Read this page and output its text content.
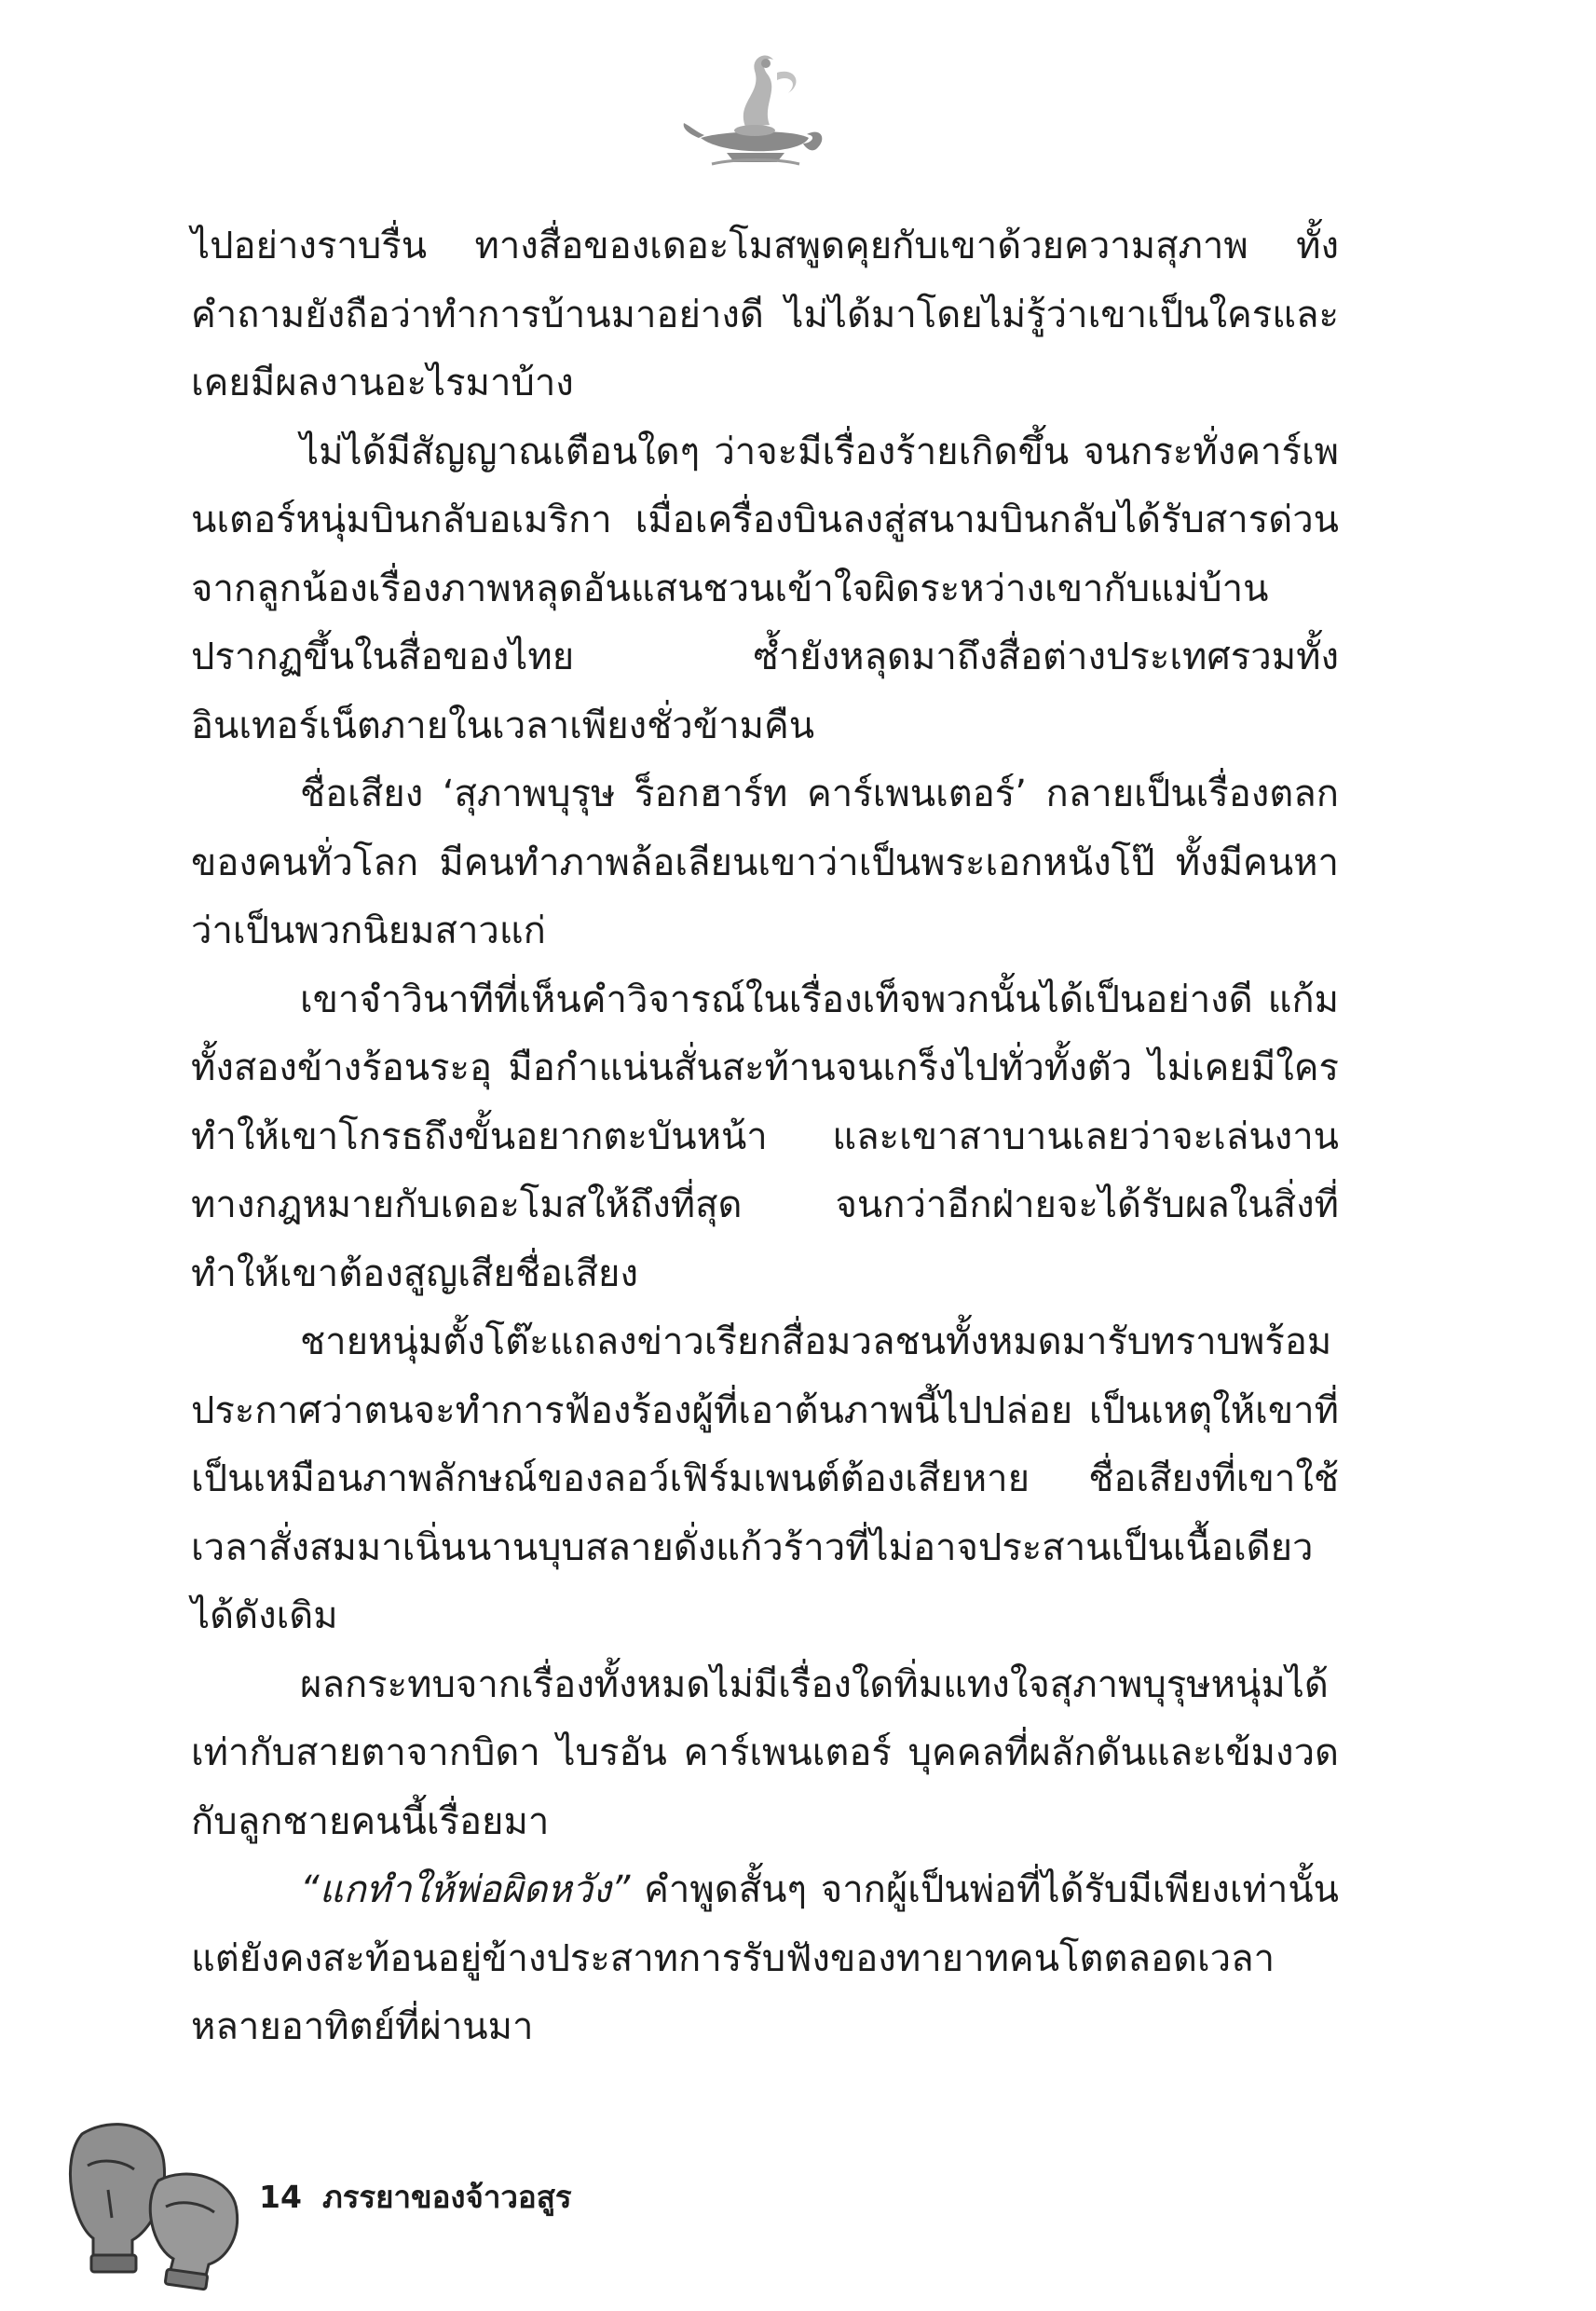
ไปอย่างราบรื่น ทางสื่อของเดอะโมสพูดคุยกับเขาด้วยความสุภาพ ทั้งคำถามยังถือว่าทำการบ้านมาอย่างดี ไม่ได้มาโดยไม่รู้ว่าเขาเป็นใครและเคยมีผลงานอะไรมาบ้าง

ไม่ได้มีสัญญาณเตือนใดๆ ว่าจะมีเรื่องร้ายเกิดขึ้น จนกระทั่งคาร์เพนเตอร์หนุ่มบินกลับอเมริกา เมื่อเครื่องบินลงสู่สนามบินกลับได้รับสารด่วนจากลูกน้องเรื่องภาพหลุดอันแสนชวนเข้าใจผิดระหว่างเขากับแม่บ้านปรากฏขึ้นในสื่อของไทย ซ้ำยังหลุดมาถึงสื่อต่างประเทศรวมทั้งอินเทอร์เน็ตภายในเวลาเพียงชั่วข้ามคืน

ชื่อเสียง ‘สุภาพบุรุษ ร็อกฮาร์ท คาร์เพนเตอร์’ กลายเป็นเรื่องตลกของคนทั่วโลก มีคนทำภาพล้อเลียนเขาว่าเป็นพระเอกหนังโป๊ ทั้งมีคนหาว่าเป็นพวกนิยมสาวแก่

เขาจำวินาทีที่เห็นคำวิจารณ์ในเรื่องเท็จพวกนั้นได้เป็นอย่างดี แก้มทั้งสองข้างร้อนระอุ มือกำแน่นสั่นสะท้านจนเกร็งไปทั่วทั้งตัว ไม่เคยมีใครทำให้เขาโกรธถึงขั้นอยากตะบันหน้า และเขาสาบานเลยว่าจะเล่นงานทางกฎหมายกับเดอะโมสให้ถึงที่สุด จนกว่าอีกฝ่ายจะได้รับผลในสิ่งที่ทำให้เขาต้องสูญเสียชื่อเสียง

ชายหนุ่มตั้งโต๊ะแถลงข่าวเรียกสื่อมวลชนทั้งหมดมารับทราบพร้อมประกาศว่าตนจะทำการฟ้องร้องผู้ที่เอาต้นภาพนี้ไปปล่อย เป็นเหตุให้เขาที่เป็นเหมือนภาพลักษณ์ของลอว์เฟิร์มเพนต์ต้องเสียหาย ชื่อเสียงที่เขาใช้เวลาสั่งสมมาเนิ่นนานบุบสลายดั่งแก้วร้าวที่ไม่อาจประสานเป็นเนื้อเดียวได้ดังเดิม

ผลกระทบจากเรื่องทั้งหมดไม่มีเรื่องใดทิ่มแทงใจสุภาพบุรุษหนุ่มได้เท่ากับสายตาจากบิดา ไบรอัน คาร์เพนเตอร์ บุคคลที่ผลักดันและเข้มงวดกับลูกชายคนนี้เรื่อยมา

“แกทำให้พ่อผิดหวัง” คำพูดสั้นๆ จากผู้เป็นพ่อที่ได้รับมีเพียงเท่านั้น แต่ยังคงสะท้อนอยู่ข้างประสาทการรับฟังของทายาทคนโตตลอดเวลาหลายอาทิตย์ที่ผ่านมา

14 ภรรยาของจ้าวอสูร
